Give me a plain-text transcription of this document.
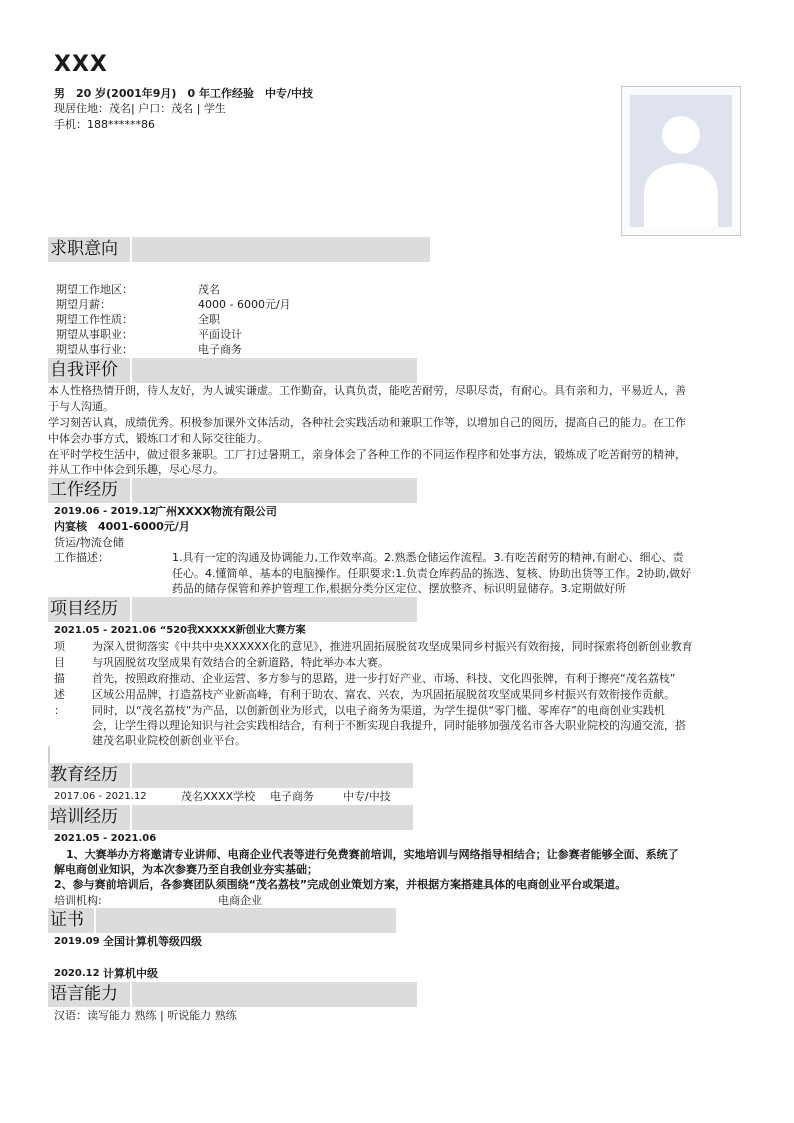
XXX
男　20 岁(2001年9月)　0 年工作经验　中专/中技
现居住地：茂名| 户口：茂名 | 学生
手机：188******86
求职意向
期望工作地区：	茂名
期望月薪：	4000 - 6000元/月
期望工作性质：	全职
期望从事职业：	平面设计
期望从事行业：	电子商务
自我评价
本人性格热情开朗，待人友好，为人诚实谦虚。工作勤奋，认真负责，能吃苦耐劳，尽职尽责，有耐心。具有亲和力，平易近人，善
于与人沟通。
学习刻苦认真，成绩优秀。积极参加课外文体活动，各种社会实践活动和兼职工作等，以增加自己的阅历，提高自己的能力。在工作
中体会办事方式，锻炼口才和人际交往能力。
在平时学校生活中，做过很多兼职。工厂打过暑期工，亲身体会了各种工作的不同运作程序和处事方法，锻炼成了吃苦耐劳的精神，
并从工作中体会到乐趣，尽心尽力。
工作经历
2019.06 - 2019.12
广州XXXX物流有限公司
内宴核　4001-6000元/月
货运/物流仓储
工作描述：	1.具有一定的沟通及协调能力,工作效率高。2.熟悉仓储运作流程。3.有吃苦耐劳的精神,有耐心、细心、责
任心。4.懂简单、基本的电脑操作。任职要求:1.负责仓库药品的拣选、复核、协助出货等工作。2协助,做好
药品的储存保管和养护管理工作,根据分类分区定位、摆放整齐、标识明显储存。3.定期做好所
项目经历
2021.05 - 2021.06 “520我XXXXX新创业大赛方案
项
目
描
述
：
为深入贯彻落实《中共中央XXXXXX化的意见》，推进巩固拓展脱贫攻坚成果同乡村振兴有效衔接，同时探索将创新创业教育
与巩固脱贫攻坚成果有效结合的全新道路，特此举办本大赛。
首先，按照政府推动、企业运营、多方参与的思路，进一步打好产业、市场、科技、文化四张牌，有利于擦亮“茂名荔枝”
区域公用品牌，打造荔枝产业新高峰，有利于助农、富农、兴农，为巩固拓展脱贫攻坚成果同乡村振兴有效衔接作贡献。
同时，以“茂名荔枝”为产品，以创新创业为形式，以电子商务为渠道，为学生提供“零门槛、零库存”的电商创业实践机
会，让学生得以理论知识与社会实践相结合，有利于不断实现自我提升，同时能够加强茂名市各大职业院校的沟通交流，搭
建茂名职业院校创新创业平台。
教育经历
2017.06 - 2021.12	茂名XXXX学校 电子商务	中专/中技
培训经历
2021.05 - 2021.06
1、大赛举办方将邀请专业讲师、电商企业代表等进行免费赛前培训，实地培训与网络指导相结合；让参赛者能够全面、系统了
解电商创业知识，为本次参赛乃至自我创业夯实基础；
2、参与赛前培训后，各参赛团队须围绕“茂名荔枝”完成创业策划方案，并根据方案搭建具体的电商创业平台或渠道。
培训机构:	电商企业
证书
2019.09 全国计算机等级四级
2020.12 计算机中级
语言能力
汉语：读写能力 熟练 | 听说能力 熟练
